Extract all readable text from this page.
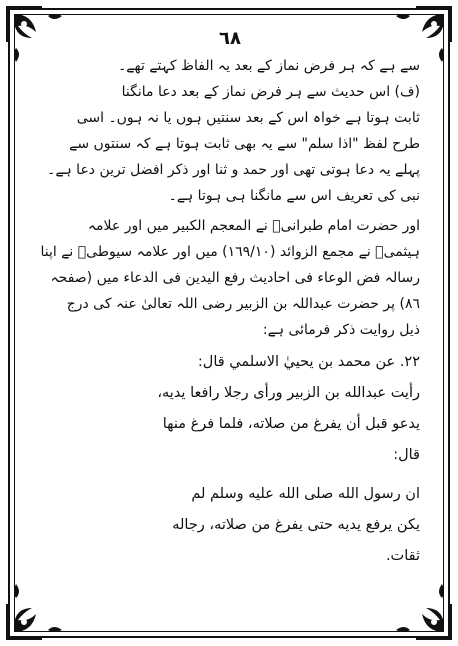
٦٨
سے ہے کہ ہر فرض نماز کے بعد یہ الفاظ کہتے تھے۔
(ف) اس حدیث سے ہر فرض نماز کے بعد دعا مانگنا
ثابت ہوتا ہے خواہ اس کے بعد سنتیں ہوں یا نہ ہوں۔ اسی
طرح لفظ "اذا سلم" سے یہ بھی ثابت ہوتا ہے کہ سنتوں سے
پہلے یہ دعا ہوتی تھی اور حمد و ثنا اور ذکر افضل ترین دعا ہے۔
نبی کی تعریف اس سے مانگنا ہی ہوتا ہے۔
اور حضرت امام طبرانیؒ نے المعجم الکبیر میں اور علامہ
ہیثمیؒ نے مجمع الزوائد (١٦٩/١٠) میں اور علامہ سیوطیؒ نے اپنا
رسالہ فض الوعاء فی احادیث رفع الیدین فی الدعاء میں (صفحہ
٨٦) پر حضرت عبداللہ بن الزبیر رضی اللہ تعالیٰ عنہ کی درج
ذیل روایت ذکر فرمائی ہے:
٢٢. عن محمد بن يحييٰ الاسلمي قال:
رأيت عبدالله بن الزبير ورأى رجلا رافعا يديه،
يدعو قبل أن يفرغ من صلاته، فلما فرغ منها
قال:
ان رسول الله صلى الله عليه وسلم لم
يكن يرفع يديه حتى يفرغ من صلاته، رجاله
ثقات.
